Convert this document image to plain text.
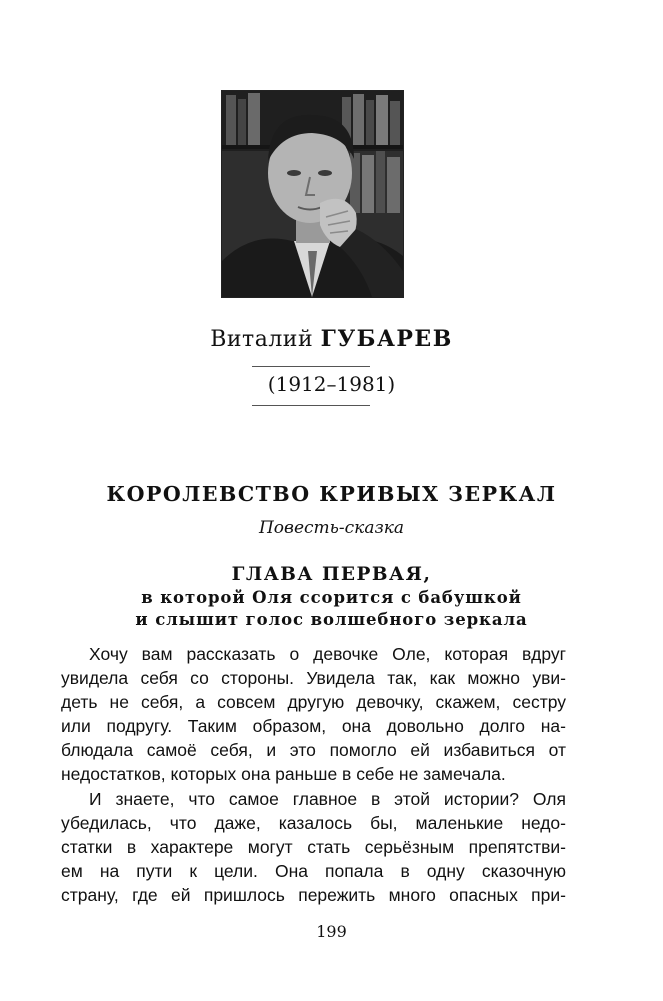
Виталий ГУБАРЕВ
(1912–1981)
КОРОЛЕВСТВО КРИВЫХ ЗЕРКАЛ
Повесть-сказка
ГЛАВА ПЕРВАЯ,
в которой Оля ссорится с бабушкой
и слышит голос волшебного зеркала
Хочу вам рассказать о девочке Оле, которая вдруг
увидела себя со стороны. Увидела так, как можно уви-
деть не себя, а совсем другую девочку, скажем, сестру
или подругу. Таким образом, она довольно долго на-
блюдала самоё себя, и это помогло ей избавиться от
недостатков, которых она раньше в себе не замечала.
И знаете, что самое главное в этой истории? Оля
убедилась, что даже, казалось бы, маленькие недо-
статки в характере могут стать серьёзным препятстви-
ем на пути к цели. Она попала в одну сказочную
страну, где ей пришлось пережить много опасных при-
199
